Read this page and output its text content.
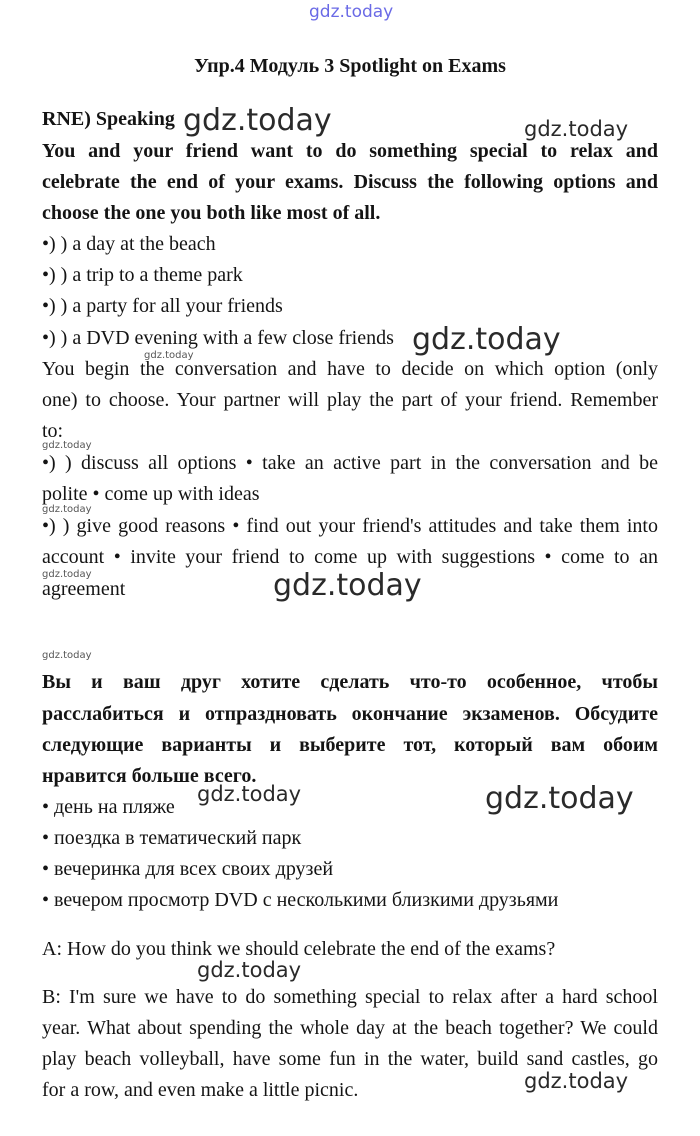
gdz.today
Упр.4 Модуль 3 Spotlight on Exams
RNE) Speaking gdz.today	gdz.today
You and your friend want to do something special to relax and
celebrate the end of your exams. Discuss the following options and
choose the one you both like most of all.
•) ) a day at the beach
•) ) a trip to a theme park
•) ) a party for all your friends
•) ) a DVD evening with a few close friends gdz.today
gdz.today
You begin the conversation and have to decide on which option (only
one) to choose. Your partner will play the part of your friend. Remember
to:
gdz.today
•) ) discuss all options • take an active part in the conversation and be
polite • come up with ideas
gdz.today
•) ) give good reasons • find out your friend's attitudes and take them into
account • invite your friend to come up with suggestions • come to an
gdz.today
agreement	gdz.today
gdz.today
Вы и ваш друг хотите сделать что-то особенное, чтобы
расслабиться и отпраздновать окончание экзаменов. Обсудите
следующие варианты и выберите тот, который вам обоим
нравится больше всего.
• день на пляже
gdz.today	gdz.today
• поездка в тематический парк
• вечеринка для всех своих друзей
• вечером просмотр DVD с несколькими близкими друзьями
A: How do you think we should celebrate the end of the exams?
gdz.today
B: I'm sure we have to do something special to relax after a hard school
year. What about spending the whole day at the beach together? We could
play beach volleyball, have some fun in the water, build sand castles, go
gdz.today
for a row, and even make a little picnic.
